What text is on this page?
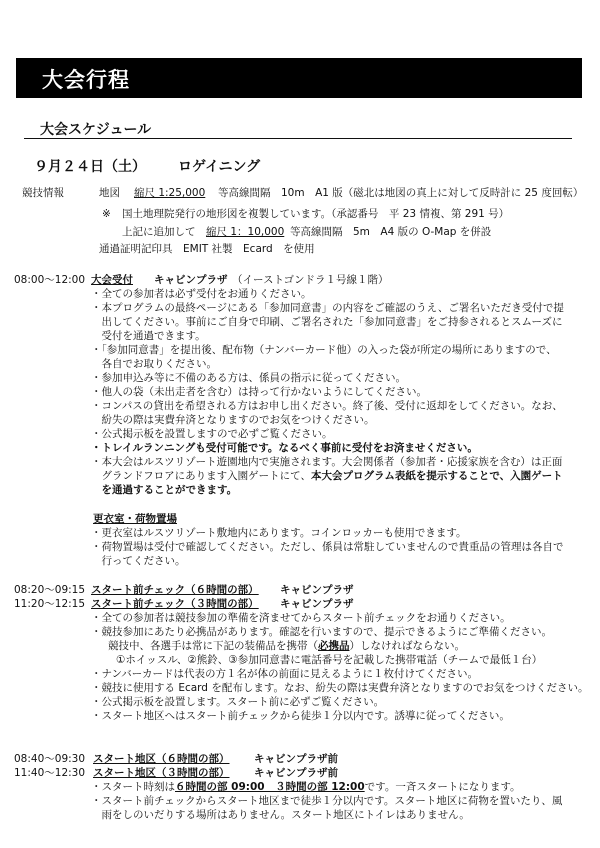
大会行程
大会スケジュール
９月２４日（土） ロゲイニング
競技情報	地図 縮尺 1:25,000 等高線間隔　10m　A1 版（磁北は地図の真上に対して反時計に 25 度回転）
※ 国土地理院発行の地形図を複製しています。（承認番号　平 23 情複、第 291 号）
上記に追加して 縮尺 1：10,000 等高線間隔　5m　A4 版の O-Map を併設
通過証明記印具　EMIT 社製　Ecard　を使用
08:00～12:00 大会受付 キャビンプラザ （イーストゴンドラ１号線１階）
・全ての参加者は必ず受付をお通りください。
・本プログラムの最終ページにある「参加同意書」の内容をご確認のうえ、ご署名いただき受付で提
　出してください。事前にご自身で印刷、ご署名された「参加同意書」をご持参されるとスムーズに
　受付を通過できます。
・「参加同意書」を提出後、配布物（ナンバーカード他）の入った袋が所定の場所にありますので、
　各自でお取りください。
・参加申込み等に不備のある方は、係員の指示に従ってください。
・他人の袋（未出走者を含む）は持って行かないようにしてください。
・コンパスの貸出を希望される方はお申し出ください。終了後、受付に返却をしてください。なお、
　紛失の際は実費弁済となりますのでお気をつけください。
・公式掲示板を設置しますので必ずご覧ください。
・トレイルランニングも受付可能です。なるべく事前に受付をお済ませください。
・本大会はルスツリゾート遊園地内で実施されます。大会関係者（参加者・応援家族を含む）は正面
　グランドフロアにあります入園ゲートにて、本大会プログラム表紙を提示することで、入園ゲート
　を通過することができます。
更衣室・荷物置場
・更衣室はルスツリゾート敷地内にあります。コインロッカーも使用できます。
・荷物置場は受付で確認してください。ただし、係員は常駐していませんので貴重品の管理は各自で
　行ってください。
08:20～09:15 スタート前チェック（６時間の部） キャビンプラザ
11:20～12:15 スタート前チェック（３時間の部） キャビンプラザ
・全ての参加者は競技参加の準備を済ませてからスタート前チェックをお通りください。
・競技参加にあたり必携品があります。確認を行いますので、提示できるようにご準備ください。
競技中、各選手は常に下記の装備品を携帯（必携品）しなければならない。
①ホイッスル、②熊鈴、③参加同意書に電話番号を記載した携帯電話（チームで最低１台）
・ナンバーカードは代表の方１名が体の前面に見えるように１枚付けてください。
・競技に使用する Ecard を配布します。なお、紛失の際は実費弁済となりますのでお気をつけください。
・公式掲示板を設置します。スタート前に必ずご覧ください。
・スタート地区へはスタート前チェックから徒歩１分以内です。誘導に従ってください。
08:40～09:30 スタート地区（６時間の部） キャビンプラザ前
11:40～12:30 スタート地区（３時間の部） キャビンプラザ前
・スタート時刻は６時間の部 09:00　３時間の部 12:00です。一斉スタートになります。
・スタート前チェックからスタート地区まで徒歩１分以内です。スタート地区に荷物を置いたり、風
　雨をしのいだりする場所はありません。スタート地区にトイレはありません。
